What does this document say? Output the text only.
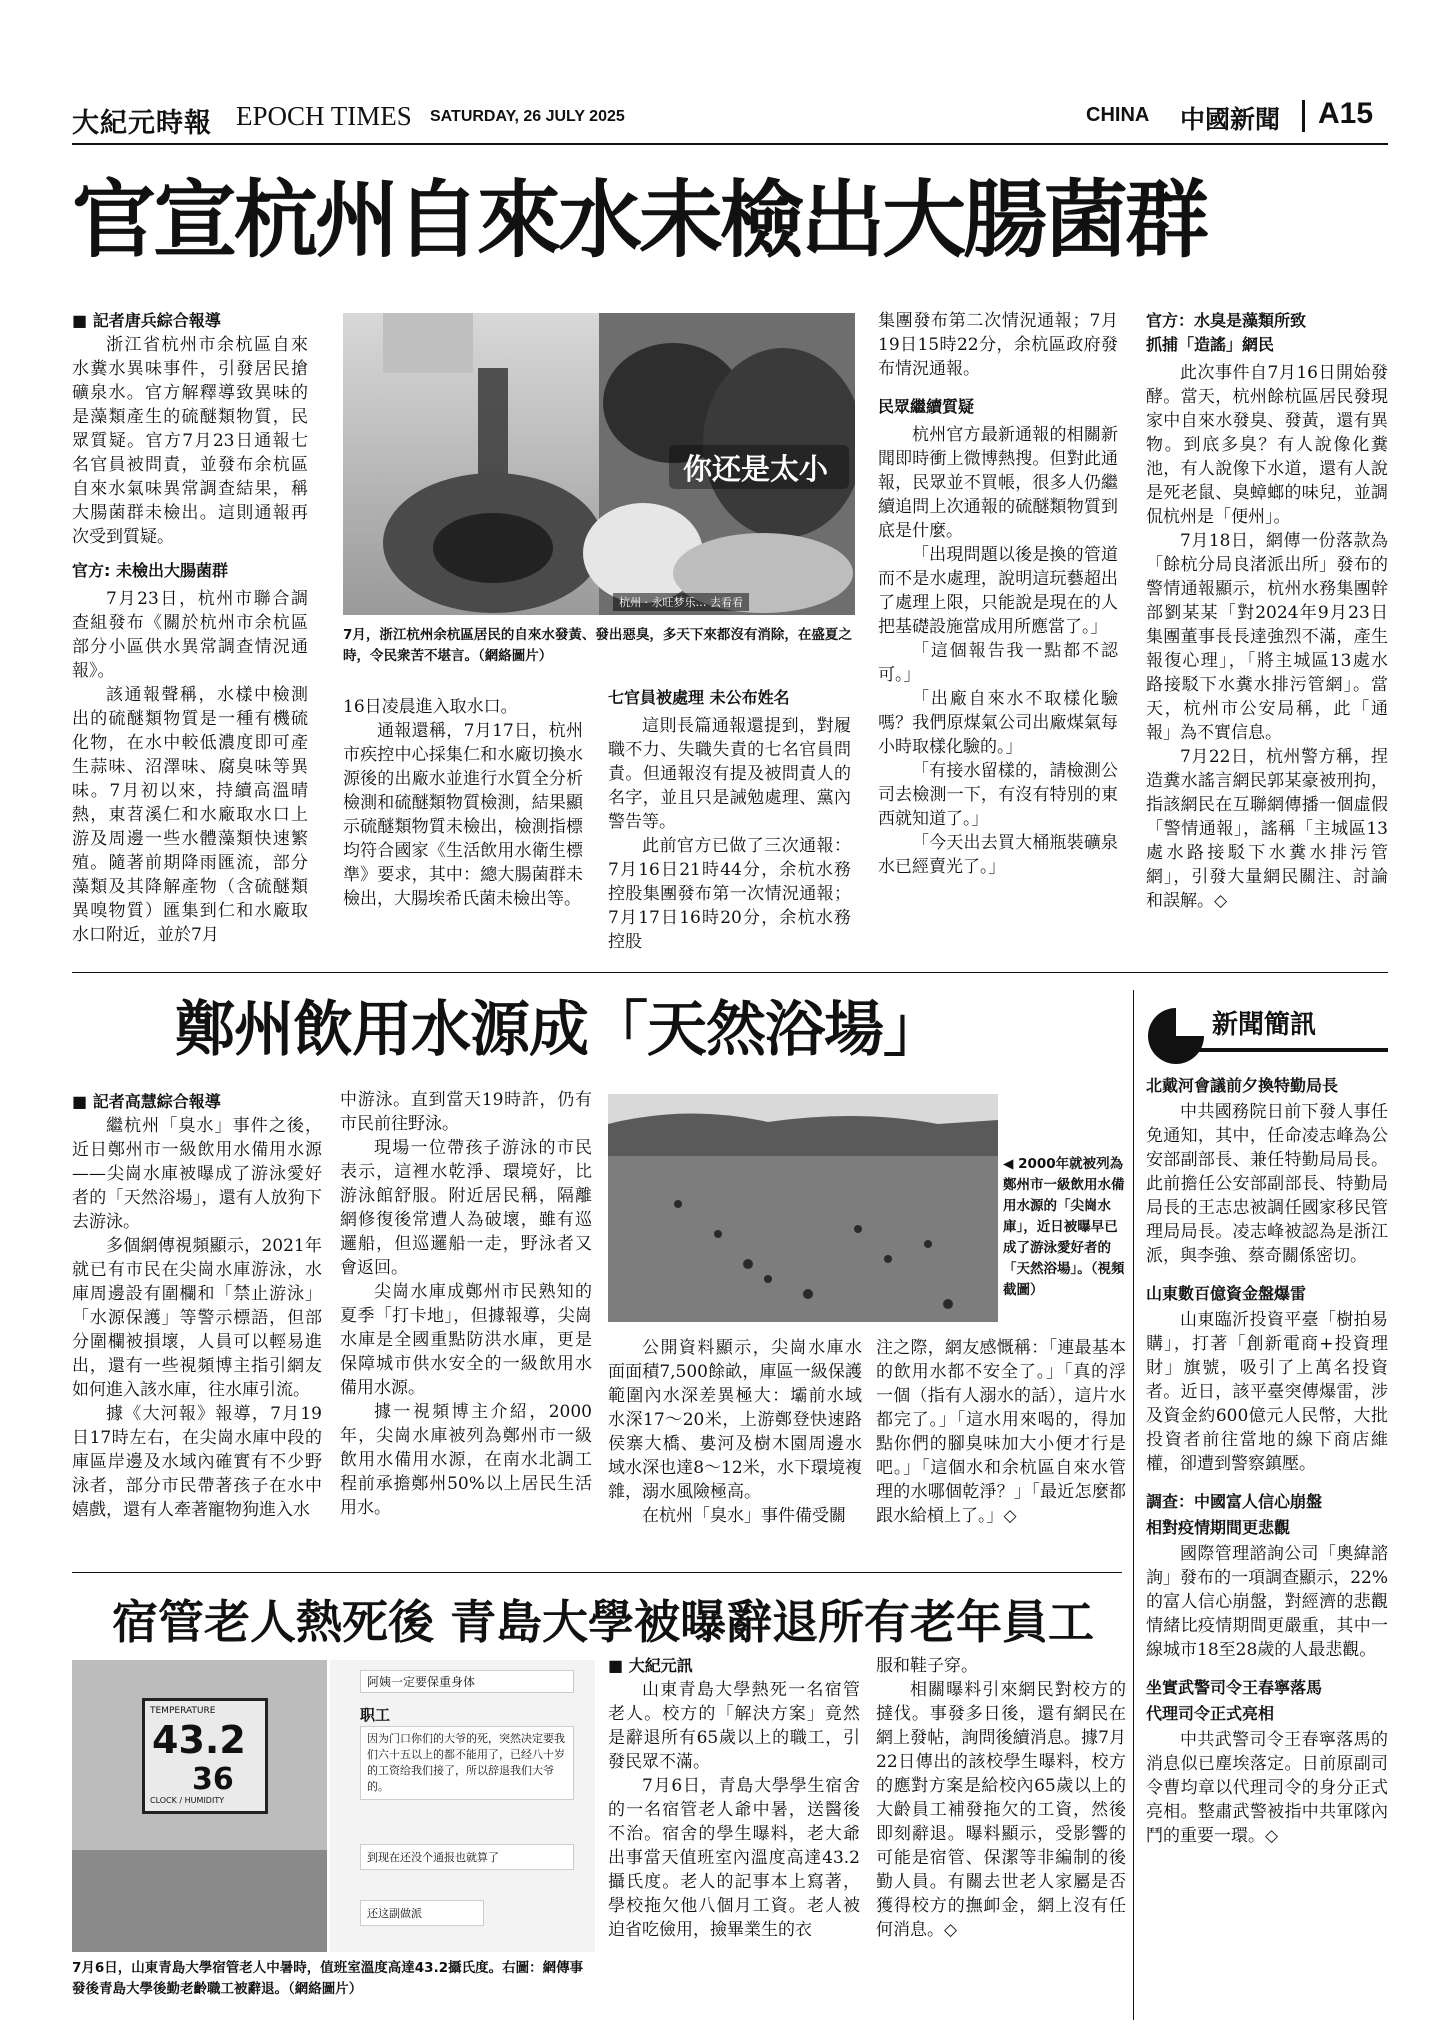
大紀元時報 EPOCH TIMES SATURDAY, 26 JULY 2025	CHINA 中國新聞 A15
官宣杭州自來水未檢出大腸菌群
■ 記者唐兵綜合報導

浙江省杭州市余杭區自來水糞水異味事件，引發居民搶礦泉水。官方解釋導致異味的是藻類產生的硫醚類物質，民眾質疑。官方7月23日通報七名官員被問責，並發布余杭區自來水氣味異常調查結果，稱大腸菌群未檢出。這則通報再次受到質疑。

官方: 未檢出大腸菌群

7月23日，杭州市聯合調查組發布《關於杭州市余杭區部分小區供水異常調查情況通報》。

該通報聲稱，水樣中檢測出的硫醚類物質是一種有機硫化物，在水中較低濃度即可產生蒜味、沼澤味、腐臭味等異味。7月初以來，持續高溫晴熱，東苕溪仁和水廠取水口上游及周邊一些水體藻類快速繁殖。隨著前期降雨匯流，部分藻類及其降解產物（含硫醚類異嗅物質）匯集到仁和水廠取水口附近，並於7月

你还是太小
杭州 · 永旺梦乐… 去看看
7月，浙江杭州余杭區居民的自來水發黃、發出惡臭，多天下來都沒有消除，在盛夏之時，令民衆苦不堪言。（網絡圖片）

16日凌晨進入取水口。

通報還稱，7月17日，杭州市疾控中心採集仁和水廠切換水源後的出廠水並進行水質全分析檢測和硫醚類物質檢測，結果顯示硫醚類物質未檢出，檢測指標均符合國家《生活飲用水衛生標準》要求，其中：總大腸菌群未檢出，大腸埃希氏菌未檢出等。

七官員被處理 未公布姓名

這則長篇通報還提到，對履職不力、失職失責的七名官員問責。但通報沒有提及被問責人的名字，並且只是誡勉處理、黨內警告等。

此前官方已做了三次通報：7月16日21時44分，余杭水務控股集團發布第一次情況通報；7月17日16時20分，余杭水務控股

集團發布第二次情況通報；7月19日15時22分，余杭區政府發布情況通報。

民眾繼續質疑

杭州官方最新通報的相關新聞即時衝上微博熱搜。但對此通報，民眾並不買帳，很多人仍繼續追問上次通報的硫醚類物質到底是什麼。

「出現問題以後是換的管道而不是水處理，說明這玩藝超出了處理上限，只能說是現在的人把基礎設施當成用所應當了。」

「這個報告我一點都不認可。」

「出廠自來水不取樣化驗嗎？我們原煤氣公司出廠煤氣每小時取樣化驗的。」

「有接水留樣的，請檢測公司去檢測一下，有沒有特別的東西就知道了。」

「今天出去買大桶瓶裝礦泉水已經賣光了。」

官方：水臭是藻類所致
抓捕「造謠」網民

此次事件自7月16日開始發酵。當天，杭州餘杭區居民發現家中自來水發臭、發黃，還有異物。到底多臭？有人說像化糞池，有人說像下水道，還有人說是死老鼠、臭蟑螂的味兒，並調侃杭州是「便州」。

7月18日，網傳一份落款為「餘杭分局良渚派出所」發布的警情通報顯示，杭州水務集團幹部劉某某「對2024年9月23日集團董事長長達強烈不滿，產生報復心理」，「將主城區13處水路接駁下水糞水排污管網」。當天，杭州市公安局稱，此「通報」為不實信息。

7月22日，杭州警方稱，捏造糞水謠言網民郭某豪被刑拘，指該網民在互聯網傳播一個虛假「警情通報」，謠稱「主城區13處水路接駁下水糞水排污管網」，引發大量網民關注、討論和誤解。◇

鄭州飲用水源成「天然浴場」
■ 記者高慧綜合報導

繼杭州「臭水」事件之後，近日鄭州市一級飲用水備用水源——尖崗水庫被曝成了游泳愛好者的「天然浴場」，還有人放狗下去游泳。

多個網傳視頻顯示，2021年就已有市民在尖崗水庫游泳，水庫周邊設有圍欄和「禁止游泳」「水源保護」等警示標語，但部分圍欄被損壞，人員可以輕易進出，還有一些視頻博主指引網友如何進入該水庫，往水庫引流。

據《大河報》報導，7月19日17時左右，在尖崗水庫中段的庫區岸邊及水域內確實有不少野泳者，部分市民帶著孩子在水中嬉戲，還有人牽著寵物狗進入水

中游泳。直到當天19時許，仍有市民前往野泳。

現場一位帶孩子游泳的市民表示，這裡水乾淨、環境好，比游泳館舒服。附近居民稱，隔離網修復後常遭人為破壞，雖有巡邏船，但巡邏船一走，野泳者又會返回。

尖崗水庫成鄭州市民熟知的夏季「打卡地」，但據報導，尖崗水庫是全國重點防洪水庫，更是保障城市供水安全的一級飲用水備用水源。

據一視頻博主介紹，2000年，尖崗水庫被列為鄭州市一級飲用水備用水源，在南水北調工程前承擔鄭州50%以上居民生活用水。

◀ 2000年就被列為鄭州市一級飲用水備用水源的「尖崗水庫」，近日被曝早已成了游泳愛好者的「天然浴場」。（視頻截圖）

公開資料顯示，尖崗水庫水面面積7,500餘畝，庫區一級保護範圍內水深差異極大：壩前水域水深17～20米，上游鄭登快速路侯寨大橋、婁河及樹木園周邊水域水深也達8～12米，水下環境複雜，溺水風險極高。

在杭州「臭水」事件備受關

注之際，網友感慨稱：「連最基本的飲用水都不安全了。」「真的浮一個（指有人溺水的話），這片水都完了。」「這水用來喝的，得加點你們的腳臭味加大小便才行是吧。」「這個水和余杭區自來水管理的水哪個乾淨？」「最近怎麼都跟水給槓上了。」◇

宿管老人熱死後 青島大學被曝辭退所有老年員工
TEMPERATURE
43.2
36
CLOCK / HUMIDITY
阿姨一定要保重身体
职工
因为门口你们的大爷的死，突然决定要我们六十五以上的都不能用了，已经八十岁的工资给我们接了，所以辞退我们大爷的。
到现在还没个通报也就算了
还这副做派
7月6日，山東青島大學宿管老人中暑時，值班室溫度高達43.2攝氏度。右圖：網傳事發後青島大學後勤老齡職工被辭退。（網絡圖片）
■ 大紀元訊

山東青島大學熱死一名宿管老人。校方的「解決方案」竟然是辭退所有65歲以上的職工，引發民眾不滿。

7月6日，青島大學學生宿舍的一名宿管老人爺中暑，送醫後不治。宿舍的學生曝料，老大爺出事當天值班室內溫度高達43.2攝氏度。老人的記事本上寫著，學校拖欠他八個月工資。老人被迫省吃儉用，撿畢業生的衣

服和鞋子穿。

相關曝料引來網民對校方的撻伐。事發多日後，還有網民在網上發帖，詢問後續消息。據7月22日傳出的該校學生曝料，校方的應對方案是給校內65歲以上的大齡員工補發拖欠的工資，然後即刻辭退。曝料顯示，受影響的可能是宿管、保潔等非編制的後勤人員。有關去世老人家屬是否獲得校方的撫卹金，網上沒有任何消息。◇

新聞簡訊
北戴河會議前夕換特勤局長

中共國務院日前下發人事任免通知，其中，任命凌志峰為公安部副部長、兼任特勤局局長。此前擔任公安部副部長、特勤局局長的王志忠被調任國家移民管理局局長。凌志峰被認為是浙江派，與李強、蔡奇關係密切。

山東數百億資金盤爆雷

山東臨沂投資平臺「樹拍易購」，打著「創新電商+投資理財」旗號，吸引了上萬名投資者。近日，該平臺突傳爆雷，涉及資金約600億元人民幣，大批投資者前往當地的線下商店維權，卻遭到警察鎮壓。

調查：中國富人信心崩盤
相對疫情期間更悲觀

國際管理諮詢公司「奧緯諮詢」發布的一項調查顯示，22%的富人信心崩盤，對經濟的悲觀情緒比疫情期間更嚴重，其中一線城市18至28歲的人最悲觀。

坐實武警司令王春寧落馬
代理司令正式亮相

中共武警司令王春寧落馬的消息似已塵埃落定。日前原副司令曹均章以代理司令的身分正式亮相。整肅武警被指中共軍隊內鬥的重要一環。◇
